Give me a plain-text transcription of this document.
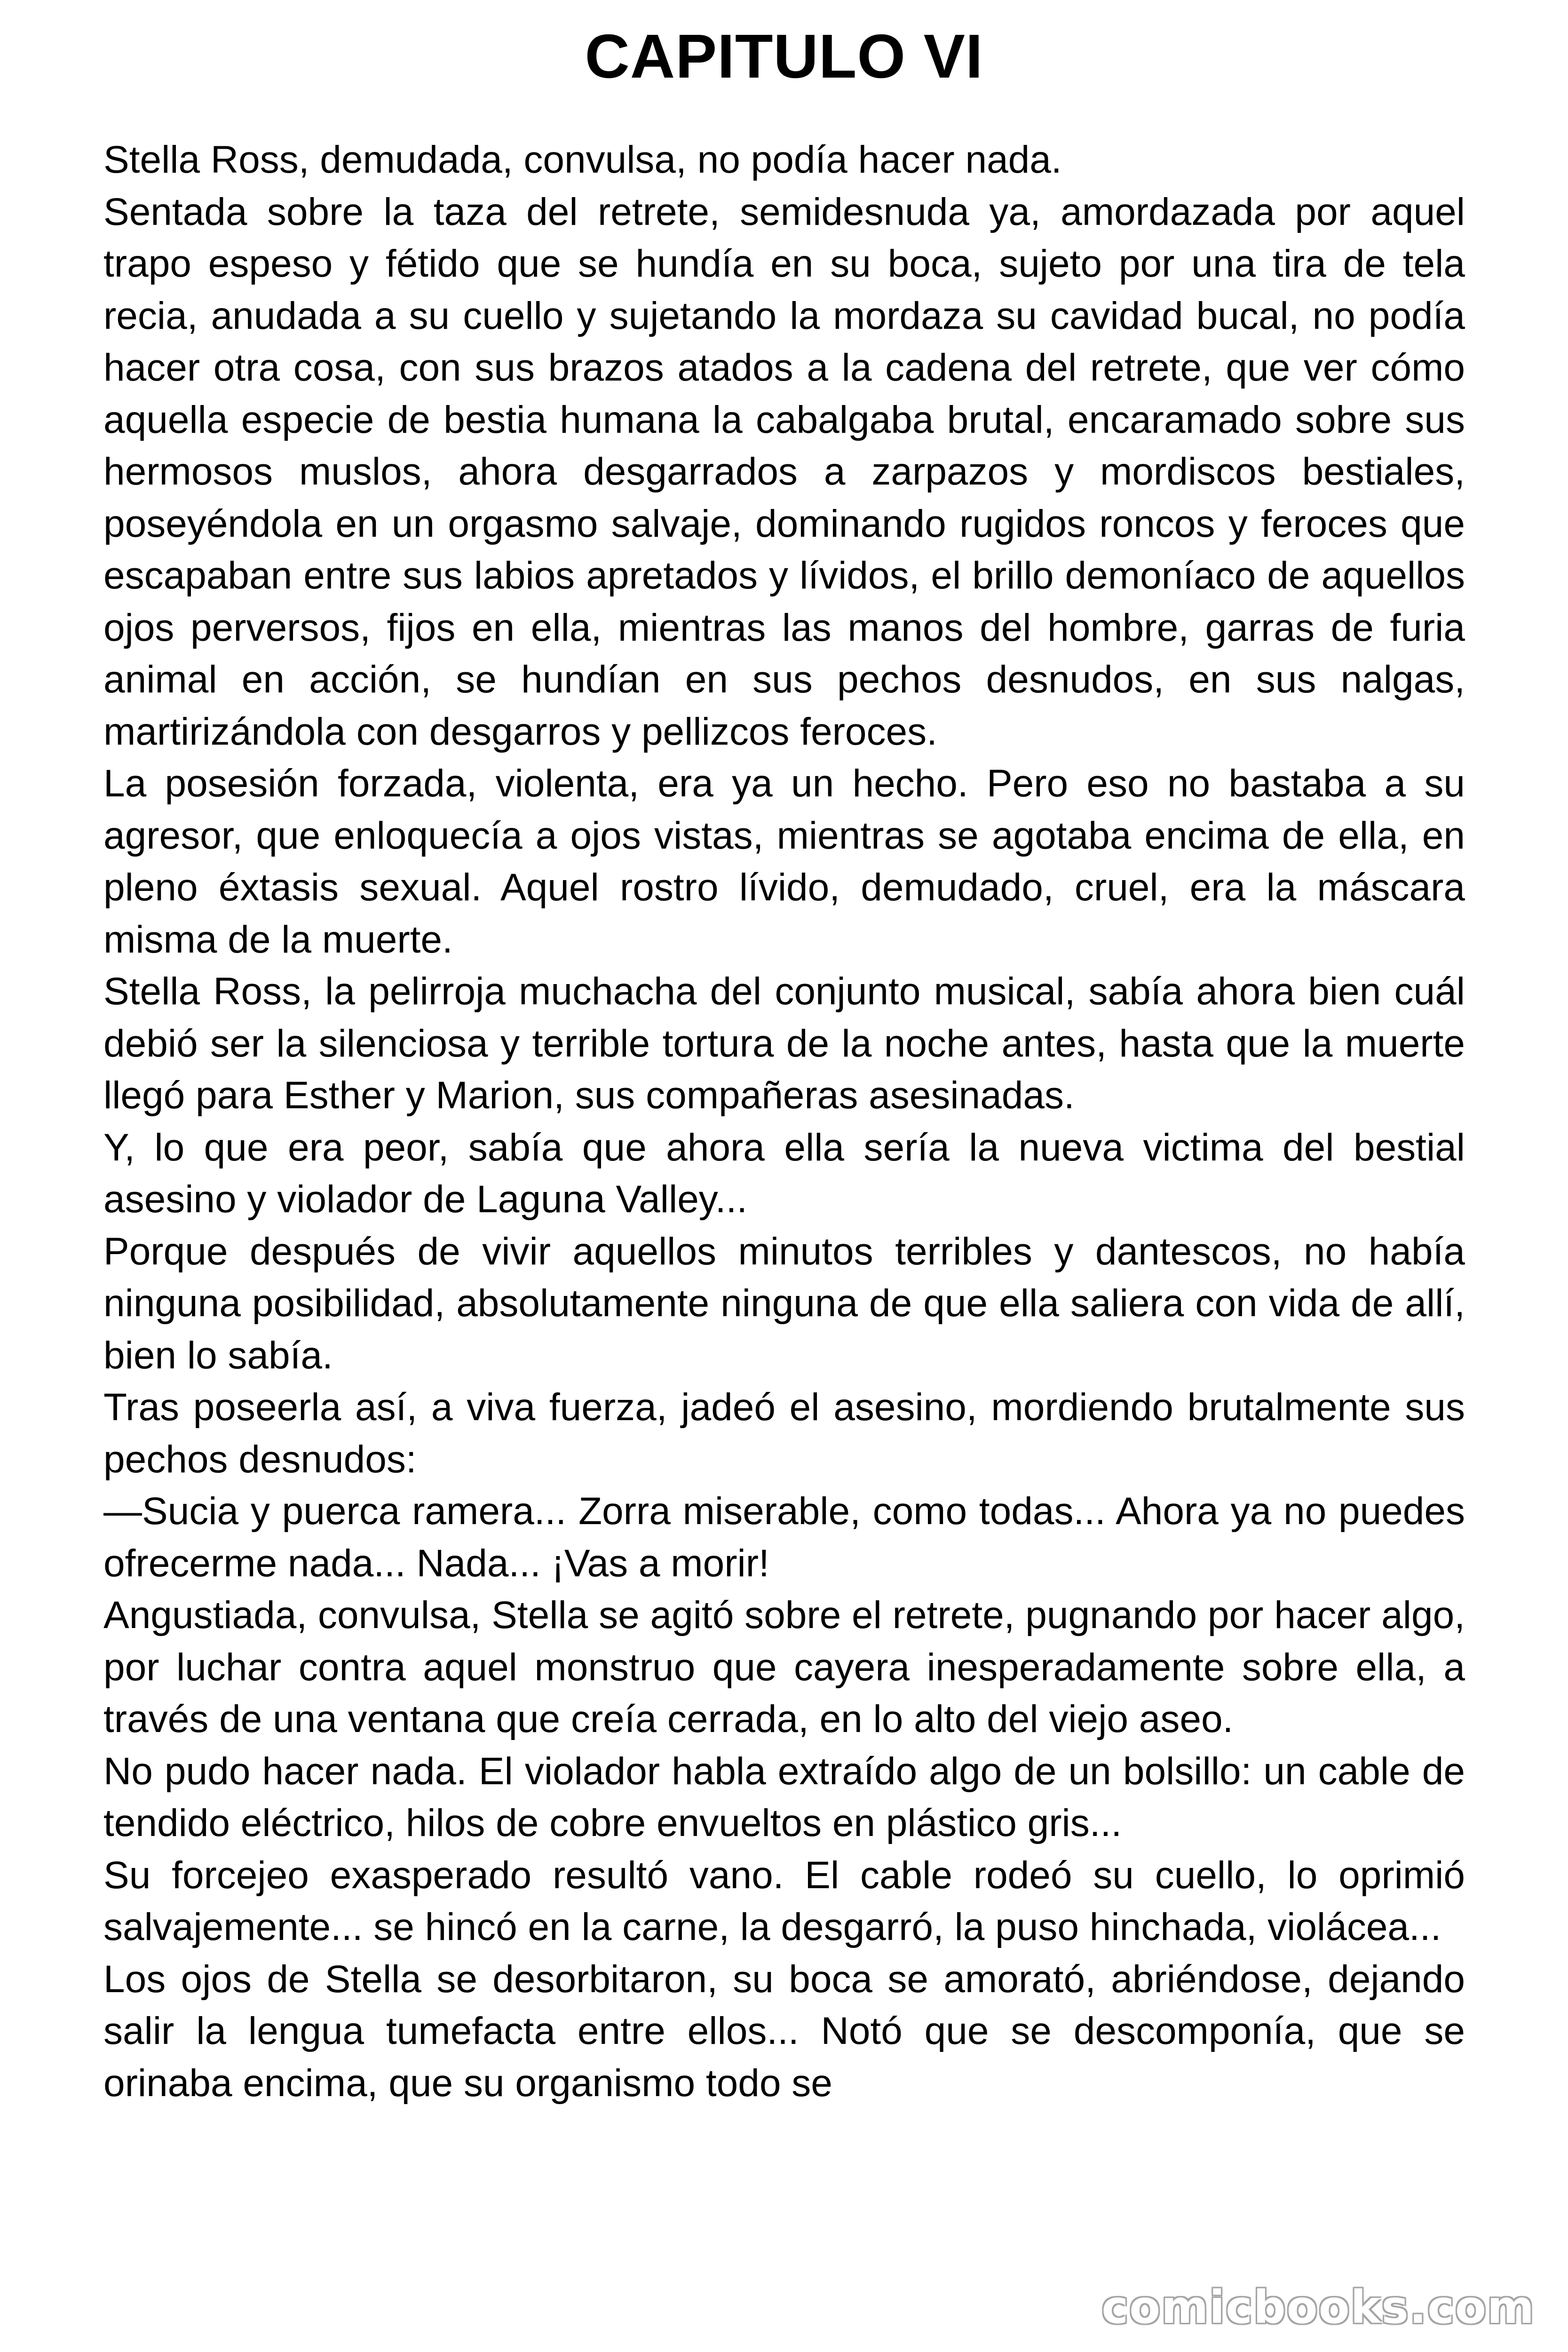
CAPITULO VI

Stella Ross, demudada, convulsa, no podía hacer nada.

Sentada sobre la taza del retrete, semidesnuda ya, amordazada por aquel trapo espeso y fétido que se hundía en su boca, sujeto por una tira de tela recia, anudada a su cuello y sujetando la mordaza su cavidad bucal, no podía hacer otra cosa, con sus brazos atados a la cadena del retrete, que ver cómo aquella especie de bestia humana la cabalgaba brutal, encaramado sobre sus hermosos muslos, ahora desgarrados a zarpazos y mordiscos bestiales, poseyéndola en un orgasmo salvaje, dominando rugidos roncos y feroces que escapaban entre sus labios apretados y lívidos, el brillo demoníaco de aquellos ojos perversos, fijos en ella, mientras las manos del hombre, garras de furia animal en acción, se hundían en sus pechos desnudos, en sus nalgas, martirizándola con desgarros y pellizcos feroces.

La posesión forzada, violenta, era ya un hecho. Pero eso no bastaba a su agresor, que enloquecía a ojos vistas, mientras se agotaba encima de ella, en pleno éxtasis sexual. Aquel rostro lívido, demudado, cruel, era la máscara misma de la muerte.

Stella Ross, la pelirroja muchacha del conjunto musical, sabía ahora bien cuál debió ser la silenciosa y terrible tortura de la noche antes, hasta que la muerte llegó para Esther y Marion, sus compañeras asesinadas.

Y, lo que era peor, sabía que ahora ella sería la nueva victima del bestial asesino y violador de Laguna Valley...

Porque después de vivir aquellos minutos terribles y dantescos, no había ninguna posibilidad, absolutamente ninguna de que ella saliera con vida de allí, bien lo sabía.

Tras poseerla así, a viva fuerza, jadeó el asesino, mordiendo brutalmente sus pechos desnudos:

—Sucia y puerca ramera... Zorra miserable, como todas... Ahora ya no puedes ofrecerme nada... Nada... ¡Vas a morir!

Angustiada, convulsa, Stella se agitó sobre el retrete, pugnando por hacer algo, por luchar contra aquel monstruo que cayera inesperadamente sobre ella, a través de una ventana que creía cerrada, en lo alto del viejo aseo.

No pudo hacer nada. El violador habla extraído algo de un bolsillo: un cable de tendido eléctrico, hilos de cobre envueltos en plástico gris...

Su forcejeo exasperado resultó vano. El cable rodeó su cuello, lo oprimió salvajemente... se hincó en la carne, la desgarró, la puso hinchada, violácea...

Los ojos de Stella se desorbitaron, su boca se amorató, abriéndose, dejando salir la lengua tumefacta entre ellos... Notó que se descomponía, que se orinaba encima, que su organismo todo se

comicbooks.com
